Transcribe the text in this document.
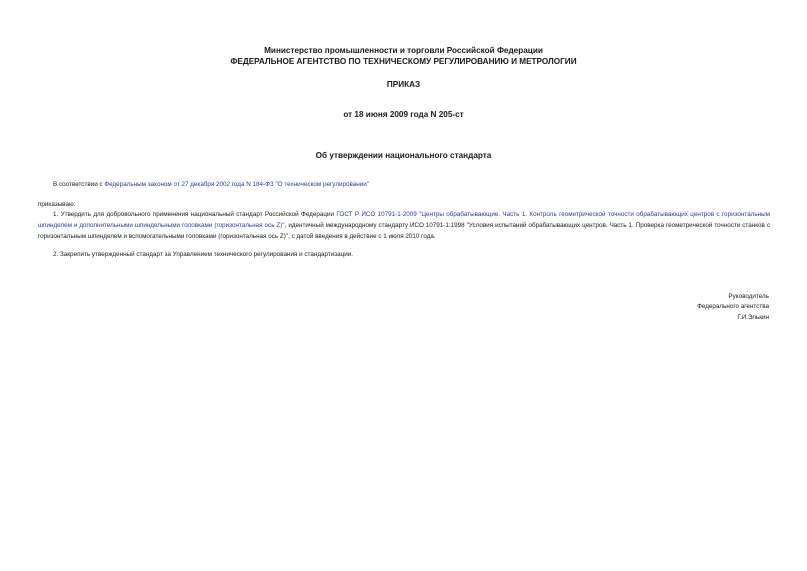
Министерство промышленности и торговли Российской Федерации
ФЕДЕРАЛЬНОЕ АГЕНТСТВО ПО ТЕХНИЧЕСКОМУ РЕГУЛИРОВАНИЮ И МЕТРОЛОГИИ
ПРИКАЗ
от 18 июня 2009 года N 205-ст
Об утверждении национального стандарта
В соответствии с Федеральным законом от 27 декабря 2002 года N 184-ФЗ "О техническом регулировании"
приказываю:
1. Утвердить для добровольного применения национальный стандарт Российской Федерации ГОСТ Р ИСО 10791-1-2009 "Центры обрабатывающие. Часть 1. Контроль геометрической точности обрабатывающих центров с горизонтальным шпинделем и дополнительными шпиндельными головками (горизонтальная ось Z)", идентичный международному стандарту ИСО 10791-1:1998 "Условия испытаний обрабатывающих центров. Часть 1. Проверка геометрической точности станков с горизонтальным шпинделем и вспомогательными головками (горизонтальная ось Z)", с датой введения в действие с 1 июля 2010 года.
2. Закрепить утвержденный стандарт за Управлением технического регулирования и стандартизации.
Руководитель
Федерального агентства
Г.И.Элькин
